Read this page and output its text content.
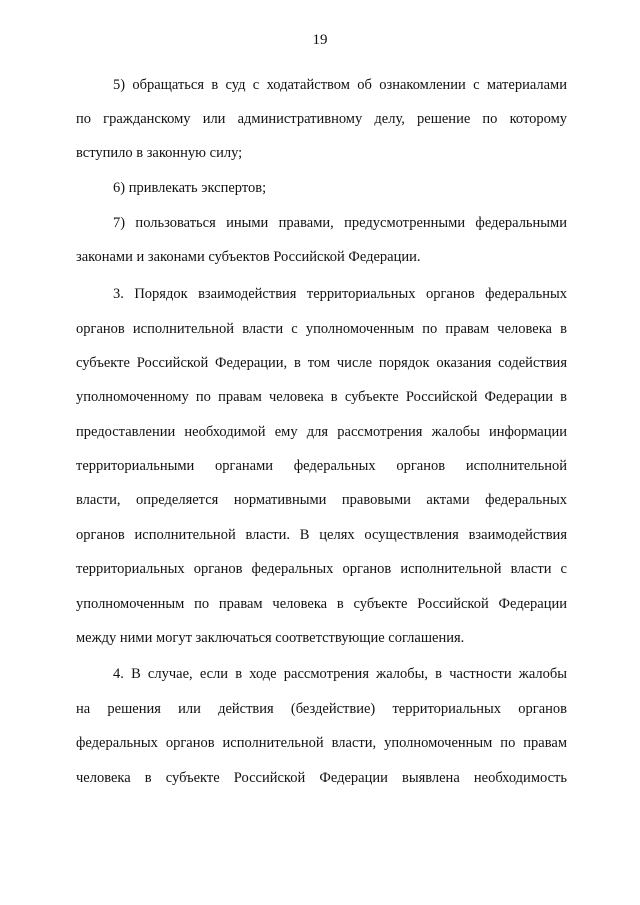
19
5) обращаться в суд с ходатайством об ознакомлении с материалами
по гражданскому или административному делу, решение по которому
вступило в законную силу;
6) привлекать экспертов;
7) пользоваться иными правами, предусмотренными федеральными
законами и законами субъектов Российской Федерации.
3. Порядок взаимодействия территориальных органов федеральных
органов исполнительной власти с уполномоченным по правам человека в
субъекте Российской Федерации, в том числе порядок оказания содействия
уполномоченному по правам человека в субъекте Российской Федерации в
предоставлении необходимой ему для рассмотрения жалобы информации
территориальными органами федеральных органов исполнительной
власти, определяется нормативными правовыми актами федеральных
органов исполнительной власти. В целях осуществления взаимодействия
территориальных органов федеральных органов исполнительной власти с
уполномоченным по правам человека в субъекте Российской Федерации
между ними могут заключаться соответствующие соглашения.
4. В случае, если в ходе рассмотрения жалобы, в частности жалобы
на решения или действия (бездействие) территориальных органов
федеральных органов исполнительной власти, уполномоченным по правам
человека в субъекте Российской Федерации выявлена необходимость
